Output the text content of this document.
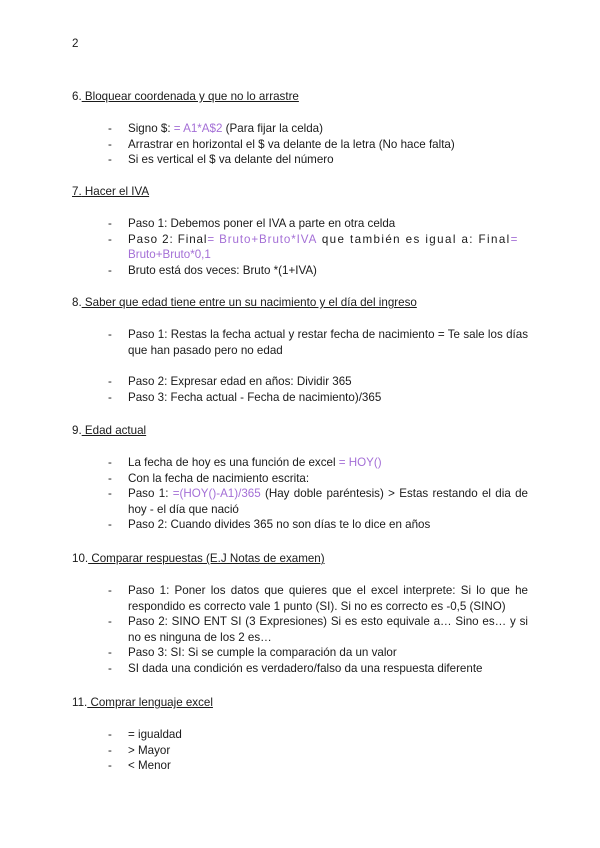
2

6. Bloquear coordenada y que no lo arrastre

- Signo $: = A1*A$2 (Para fijar la celda)
- Arrastrar en horizontal el $ va delante de la letra (No hace falta)
- Si es vertical el $ va delante del número

7. Hacer el IVA

- Paso 1: Debemos poner el IVA a parte en otra celda
- Paso 2: Final= Bruto+Bruto*IVA que también es igual a: Final= Bruto+Bruto*0,1
- Bruto está dos veces: Bruto *(1+IVA)

8. Saber que edad tiene entre un su nacimiento y el día del ingreso

- Paso 1: Restas la fecha actual y restar fecha de nacimiento = Te sale los días que han pasado pero no edad
- Paso 2: Expresar edad en años: Dividir 365
- Paso 3: Fecha actual - Fecha de nacimiento)/365

9. Edad actual

- La fecha de hoy es una función de excel = HOY()
- Con la fecha de nacimiento escrita:
- Paso 1: =(HOY()-A1)/365 (Hay doble paréntesis) > Estas restando el dia de hoy - el día que nació
- Paso 2: Cuando divides 365 no son días te lo dice en años

10. Comparar respuestas (E.J Notas de examen)

- Paso 1: Poner los datos que quieres que el excel interprete: Si lo que he respondido es correcto vale 1 punto (SI). Si no es correcto es -0,5 (SINO)
- Paso 2: SINO ENT SI (3 Expresiones) Si es esto equivale a… Sino es… y si no es ninguna de los 2 es…
- Paso 3: SI: Si se cumple la comparación da un valor
- SI dada una condición es verdadero/falso da una respuesta diferente

11. Comprar lenguaje excel

- = igualdad
- > Mayor
- < Menor
